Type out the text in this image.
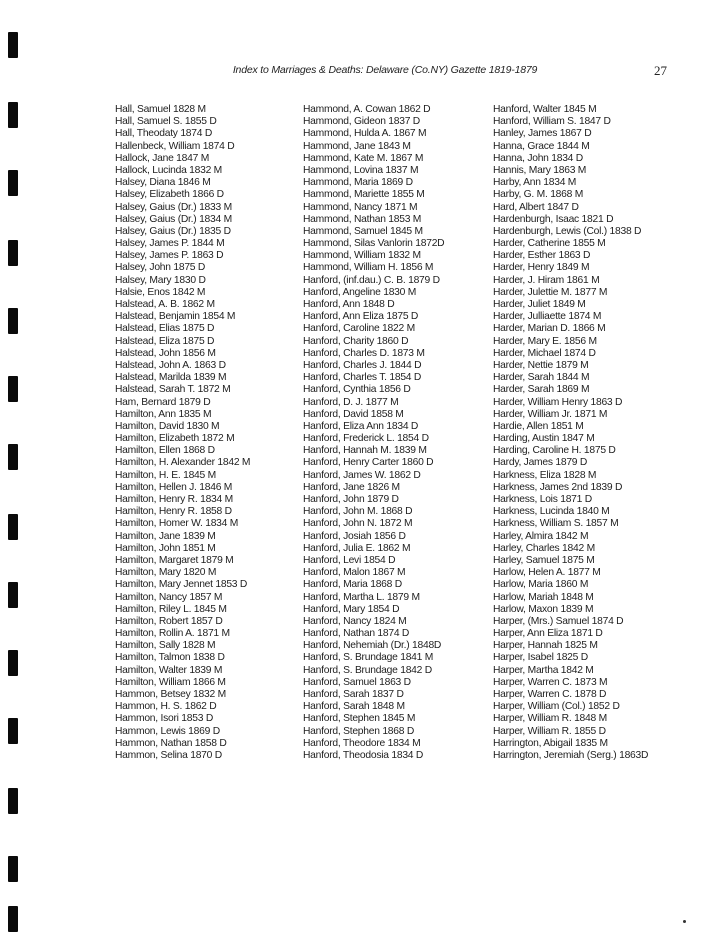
Index to Marriages & Deaths: Delaware (Co.NY) Gazette 1819-1879	27
Hall, Samuel 1828 M
Hall, Samuel S. 1855 D
Hall, Theodaty 1874 D
Hallenbeck, William 1874 D
Hallock, Jane 1847 M
Hallock, Lucinda 1832 M
Halsey, Diana 1846 M
Halsey, Elizabeth 1866 D
Halsey, Gaius (Dr.) 1833 M
Halsey, Gaius (Dr.) 1834 M
Halsey, Gaius (Dr.) 1835 D
Halsey, James P. 1844 M
Halsey, James P. 1863 D
Halsey, John 1875 D
Halsey, Mary 1830 D
Halsie, Enos 1842 M
Halstead, A. B. 1862 M
Halstead, Benjamin 1854 M
Halstead, Elias 1875 D
Halstead, Eliza 1875 D
Halstead, John 1856 M
Halstead, John A. 1863 D
Halstead, Marilda 1839 M
Halstead, Sarah T. 1872 M
Ham, Bernard 1879 D
Hamilton, Ann 1835 M
Hamilton, David 1830 M
Hamilton, Elizabeth 1872 M
Hamilton, Ellen 1868 D
Hamilton, H. Alexander 1842 M
Hamilton, H. E. 1845 M
Hamilton, Hellen J. 1846 M
Hamilton, Henry R. 1834 M
Hamilton, Henry R. 1858 D
Hamilton, Homer W. 1834 M
Hamilton, Jane 1839 M
Hamilton, John 1851 M
Hamilton, Margaret 1879 M
Hamilton, Mary 1820 M
Hamilton, Mary Jennet 1853 D
Hamilton, Nancy 1857 M
Hamilton, Riley L. 1845 M
Hamilton, Robert 1857 D
Hamilton, Rollin A. 1871 M
Hamilton, Sally 1828 M
Hamilton, Talmon 1838 D
Hamilton, Walter 1839 M
Hamilton, William 1866 M
Hammon, Betsey 1832 M
Hammon, H. S. 1862 D
Hammon, Isori 1853 D
Hammon, Lewis 1869 D
Hammon, Nathan 1858 D
Hammon, Selina 1870 D
Hammond, A. Cowan 1862 D
Hammond, Gideon 1837 D
Hammond, Hulda A. 1867 M
Hammond, Jane 1843 M
Hammond, Kate M. 1867 M
Hammond, Lovina 1837 M
Hammond, Maria 1869 D
Hammond, Mariette 1855 M
Hammond, Nancy 1871 M
Hammond, Nathan 1853 M
Hammond, Samuel 1845 M
Hammond, Silas Vanlorin 1872D
Hammond, William 1832 M
Hammond, William H. 1856 M
Hanford, (inf.dau.) C. B. 1879 D
Hanford, Angeline 1830 M
Hanford, Ann 1848 D
Hanford, Ann Eliza 1875 D
Hanford, Caroline 1822 M
Hanford, Charity 1860 D
Hanford, Charles D. 1873 M
Hanford, Charles J. 1844 D
Hanford, Charles T. 1854 D
Hanford, Cynthia 1856 D
Hanford, D. J. 1877 M
Hanford, David 1858 M
Hanford, Eliza Ann 1834 D
Hanford, Frederick L. 1854 D
Hanford, Hannah M. 1839 M
Hanford, Henry Carter 1860 D
Hanford, James W. 1862 D
Hanford, Jane 1826 M
Hanford, John 1879 D
Hanford, John M. 1868 D
Hanford, John N. 1872 M
Hanford, Josiah 1856 D
Hanford, Julia E. 1862 M
Hanford, Levi 1854 D
Hanford, Malon 1867 M
Hanford, Maria 1868 D
Hanford, Martha L. 1879 M
Hanford, Mary 1854 D
Hanford, Nancy 1824 M
Hanford, Nathan 1874 D
Hanford, Nehemiah (Dr.) 1848D
Hanford, S. Brundage 1841 M
Hanford, S. Brundage 1842 D
Hanford, Samuel 1863 D
Hanford, Sarah 1837 D
Hanford, Sarah 1848 M
Hanford, Stephen 1845 M
Hanford, Stephen 1868 D
Hanford, Theodore 1834 M
Hanford, Theodosia 1834 D
Hanford, Walter 1845 M
Hanford, William S. 1847 D
Hanley, James 1867 D
Hanna, Grace 1844 M
Hanna, John 1834 D
Hannis, Mary 1863 M
Harby, Ann 1834 M
Harby, G. M. 1868 M
Hard, Albert 1847 D
Hardenburgh, Isaac 1821 D
Hardenburgh, Lewis (Col.) 1838 D
Harder, Catherine 1855 M
Harder, Esther 1863 D
Harder, Henry 1849 M
Harder, J. Hiram 1861 M
Harder, Julettie M. 1877 M
Harder, Juliet 1849 M
Harder, Julliaette 1874 M
Harder, Marian D. 1866 M
Harder, Mary E. 1856 M
Harder, Michael 1874 D
Harder, Nettie 1879 M
Harder, Sarah 1844 M
Harder, Sarah 1869 M
Harder, William Henry 1863 D
Harder, William Jr. 1871 M
Hardie, Allen 1851 M
Harding, Austin 1847 M
Harding, Caroline H. 1875 D
Hardy, James 1879 D
Harkness, Eliza 1828 M
Harkness, James 2nd 1839 D
Harkness, Lois 1871 D
Harkness, Lucinda 1840 M
Harkness, William S. 1857 M
Harley, Almira 1842 M
Harley, Charles 1842 M
Harley, Samuel 1875 M
Harlow, Helen A. 1877 M
Harlow, Maria 1860 M
Harlow, Mariah 1848 M
Harlow, Maxon 1839 M
Harper, (Mrs.) Samuel 1874 D
Harper, Ann Eliza 1871 D
Harper, Hannah 1825 M
Harper, Isabel 1825 D
Harper, Martha 1842 M
Harper, Warren C. 1873 M
Harper, Warren C. 1878 D
Harper, William (Col.) 1852 D
Harper, William R. 1848 M
Harper, William R. 1855 D
Harrington, Abigail 1835 M
Harrington, Jeremiah (Serg.) 1863D
